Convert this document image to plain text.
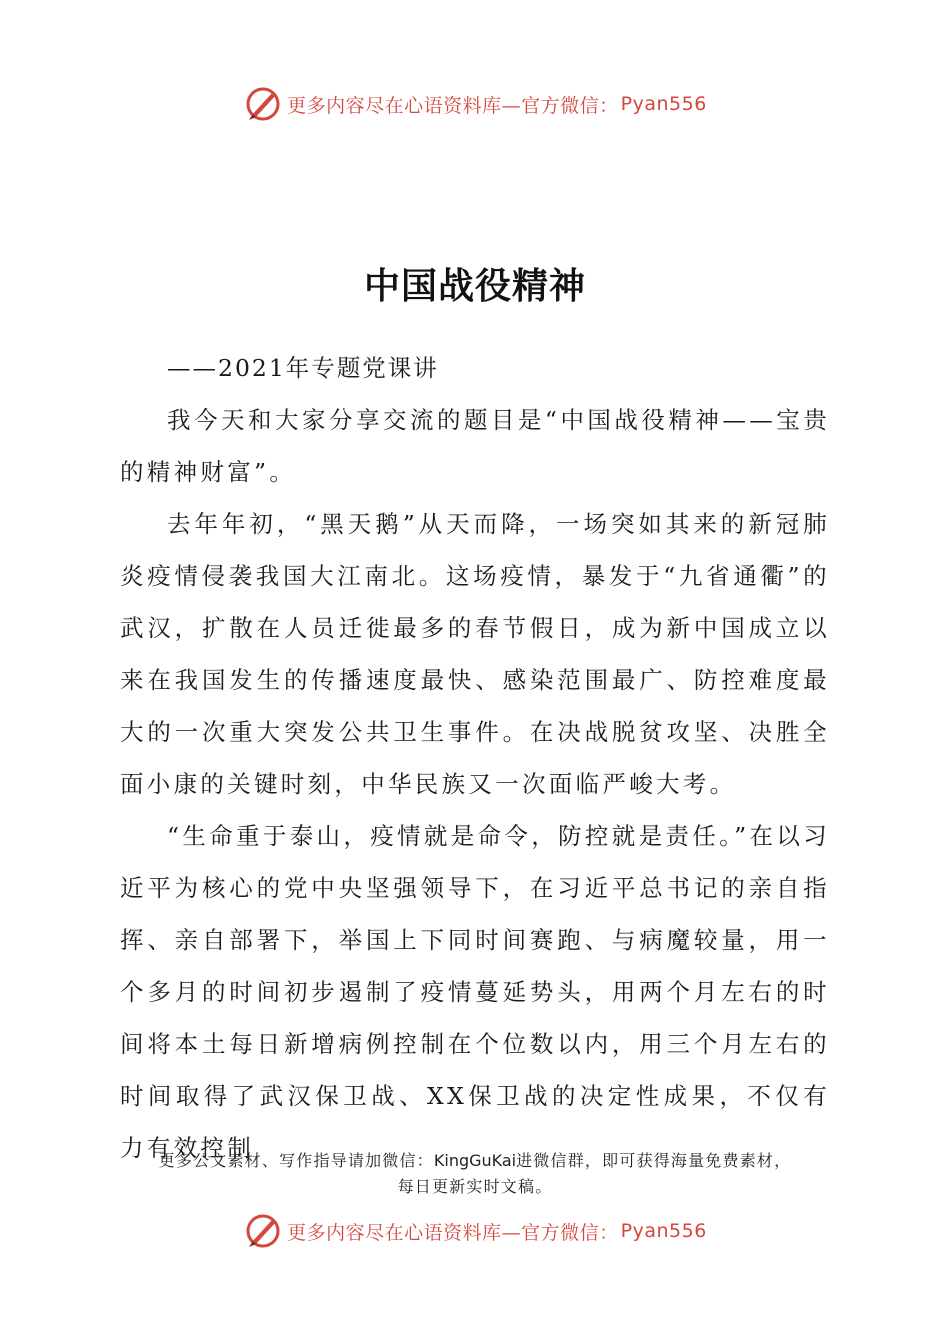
更多内容尽在心语资料库—官方微信： Pyan556
中国战役精神

——2021年专题党课讲

我今天和大家分享交流的题目是“中国战役精神——宝贵的精神财富”。

去年年初，“黑天鹅”从天而降，一场突如其来的新冠肺炎疫情侵袭我国大江南北。这场疫情，暴发于“九省通衢”的武汉，扩散在人员迁徙最多的春节假日，成为新中国成立以来在我国发生的传播速度最快、感染范围最广、防控难度最大的一次重大突发公共卫生事件。在决战脱贫攻坚、决胜全面小康的关键时刻，中华民族又一次面临严峻大考。

“生命重于泰山，疫情就是命令，防控就是责任。”在以习近平为核心的党中央坚强领导下，在习近平总书记的亲自指挥、亲自部署下，举国上下同时间赛跑、与病魔较量，用一个多月的时间初步遏制了疫情蔓延势头，用两个月左右的时间将本土每日新增病例控制在个位数以内，用三个月左右的时间取得了武汉保卫战、XX保卫战的决定性成果，不仅有力有效控制

更多公文素材、写作指导请加微信：KingGuKai进微信群，即可获得海量免费素材，
每日更新实时文稿。
更多内容尽在心语资料库—官方微信： Pyan556
